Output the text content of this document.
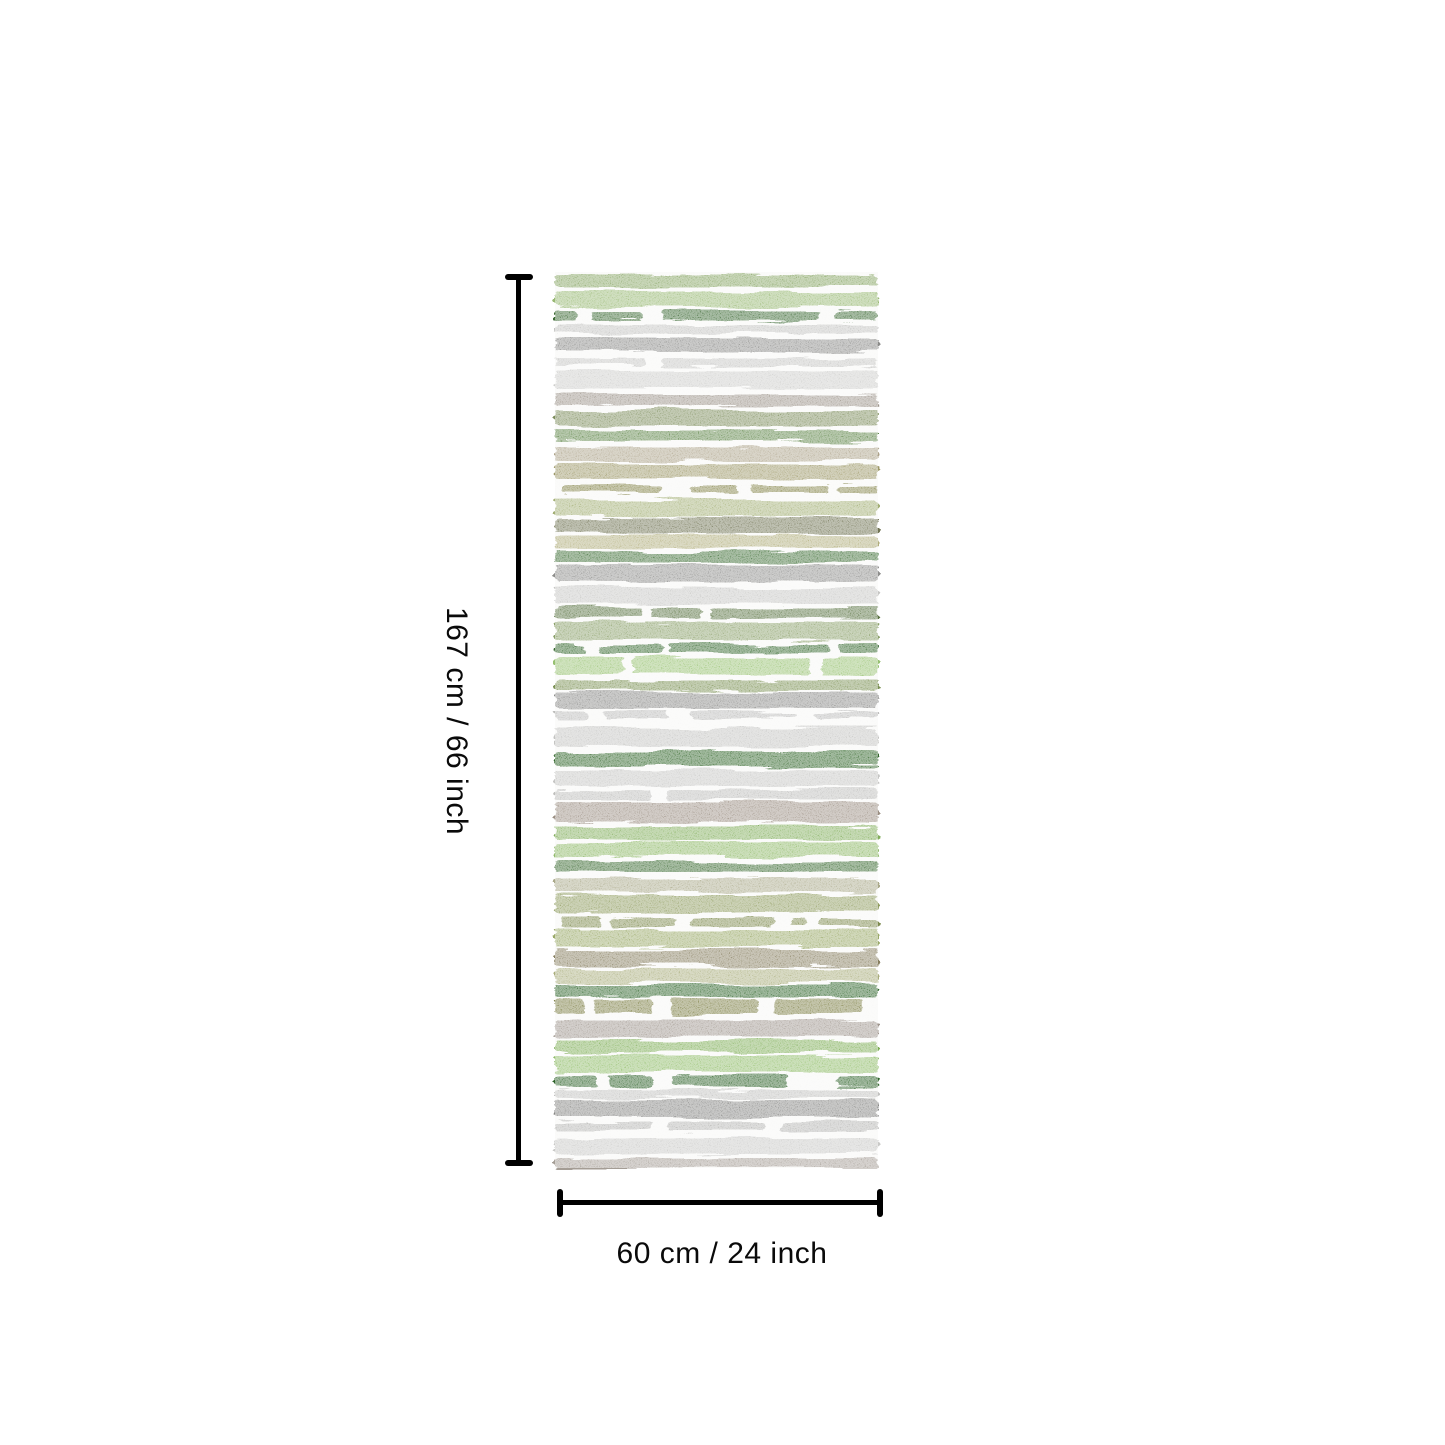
167 cm / 66 inch
60 cm / 24 inch
